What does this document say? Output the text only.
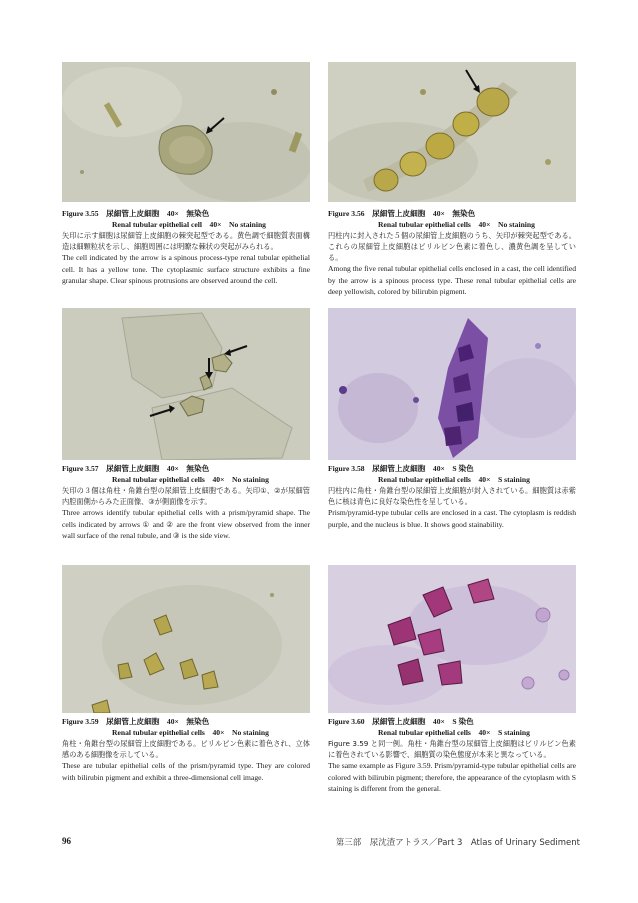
Figure 3.55　尿細管上皮細胞　40×　無染色
Renal tubular epithelial cell　40×　No staining
矢印に示す細胞は尿細管上皮細胞の棘突起型である。黄色調で細胞質表面構造は細顆粒状を示し、細胞周囲には明瞭な棘状の突起がみられる。
The cell indicated by the arrow is a spinous process-type renal tubular epithelial cell. It has a yellow tone. The cytoplasmic surface structure exhibits a fine granular shape. Clear spinous protrusions are observed around the cell.
Figure 3.56　尿細管上皮細胞　40×　無染色
Renal tubular epithelial cells　40×　No staining
円柱内に封入された５個の尿細管上皮細胞のうち、矢印が棘突起型である。これらの尿細管上皮細胞はビリルビン色素に着色し、濃黄色調を呈している。
Among the five renal tubular epithelial cells enclosed in a cast, the cell identified by the arrow is a spinous process type. These renal tubular epithelial cells are deep yellowish, colored by bilirubin pigment.
Figure 3.57　尿細管上皮細胞　40×　無染色
Renal tubular epithelial cells　40×　No staining
矢印の３個は角柱・角錐台型の尿細管上皮細胞である。矢印①、②が尿細管内腔面側からみた正面像、③が側面像を示す。
Three arrows identify tubular epithelial cells with a prism/pyramid shape. The cells indicated by arrows ① and ② are the front view observed from the inner wall surface of the renal tubule, and ③ is the side view.
Figure 3.58　尿細管上皮細胞　40×　S 染色
Renal tubular epithelial cells　40×　S staining
円柱内に角柱・角錐台型の尿細管上皮細胞が封入されている。細胞質は赤紫色に核は青色に良好な染色性を呈している。
Prism/pyramid-type tubular cells are enclosed in a cast. The cytoplasm is reddish purple, and the nucleus is blue. It shows good stainability.
Figure 3.59　尿細管上皮細胞　40×　無染色
Renal tubular epithelial cells　40×　No staining
角柱・角錐台型の尿細管上皮細胞である。ビリルビン色素に着色され、立体感のある細胞像を示している。
These are tubular epithelial cells of the prism/pyramid type. They are colored with bilirubin pigment and exhibit a three-dimensional cell image.
Figure 3.60　尿細管上皮細胞　40×　S 染色
Renal tubular epithelial cells　40×　S staining
Figure 3.59 と同一例。角柱・角錐台型の尿細管上皮細胞はビリルビン色素に着色されている影響で、細胞質の染色態度が本来と異なっている。
The same example as Figure 3.59. Prism/pyramid-type tubular epithelial cells are colored with bilirubin pigment; therefore, the appearance of the cytoplasm with S staining is different from the general.
96	第三部　尿沈渣アトラス／Part 3　Atlas of Urinary Sediment
